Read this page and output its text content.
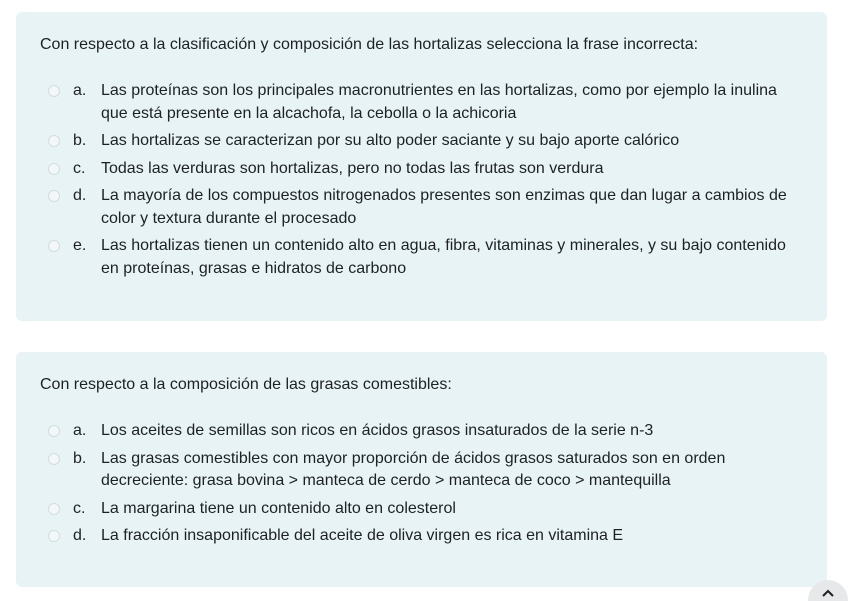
Con respecto a la clasificación y composición de las hortalizas selecciona la frase incorrecta:

a. Las proteínas son los principales macronutrientes en las hortalizas, como por ejemplo la inulina que está presente en la alcachofa, la cebolla o la achicoria
b. Las hortalizas se caracterizan por su alto poder saciante y su bajo aporte calórico
c. Todas las verduras son hortalizas, pero no todas las frutas son verdura
d. La mayoría de los compuestos nitrogenados presentes son enzimas que dan lugar a cambios de color y textura durante el procesado
e. Las hortalizas tienen un contenido alto en agua, fibra, vitaminas y minerales, y su bajo contenido en proteínas, grasas e hidratos de carbono

Con respecto a la composición de las grasas comestibles:

a. Los aceites de semillas son ricos en ácidos grasos insaturados de la serie n-3
b. Las grasas comestibles con mayor proporción de ácidos grasos saturados son en orden decreciente: grasa bovina > manteca de cerdo > manteca de coco > mantequilla
c. La margarina tiene un contenido alto en colesterol
d. La fracción insaponificable del aceite de oliva virgen es rica en vitamina E
